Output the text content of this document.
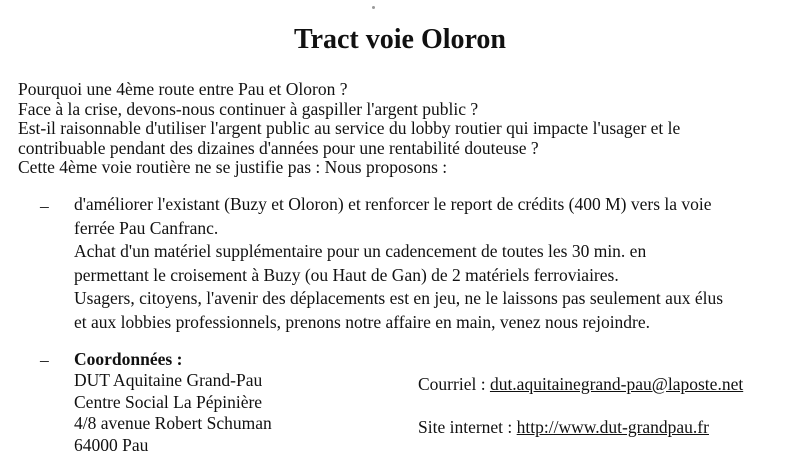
Tract voie Oloron

Pourquoi une 4ème route entre Pau et Oloron ?

Face à la crise, devons-nous continuer à gaspiller l'argent public ?

Est-il raisonnable d'utiliser l'argent public au service du lobby routier qui impacte l'usager et le

contribuable pendant des dizaines d'années pour une rentabilité douteuse ?

Cette 4ème voie routière ne se justifie pas : Nous proposons :

– d'améliorer l'existant (Buzy et Oloron) et renforcer le report de crédits (400 M) vers la voie

ferrée Pau Canfranc.

Achat d'un matériel supplémentaire pour un cadencement de toutes les 30 min. en

permettant le croisement à Buzy (ou Haut de Gan) de 2 matériels ferroviaires.

Usagers, citoyens, l'avenir des déplacements est en jeu, ne le laissons pas seulement aux élus

et aux lobbies professionnels, prenons notre affaire en main, venez nous rejoindre.

– Coordonnées :

DUT Aquitaine Grand-Pau

Centre Social La Pépinière

4/8 avenue Robert Schuman

64000 Pau

Courriel : dut.aquitainegrand-pau@laposte.net
Site internet : http://www.dut-grandpau.fr
